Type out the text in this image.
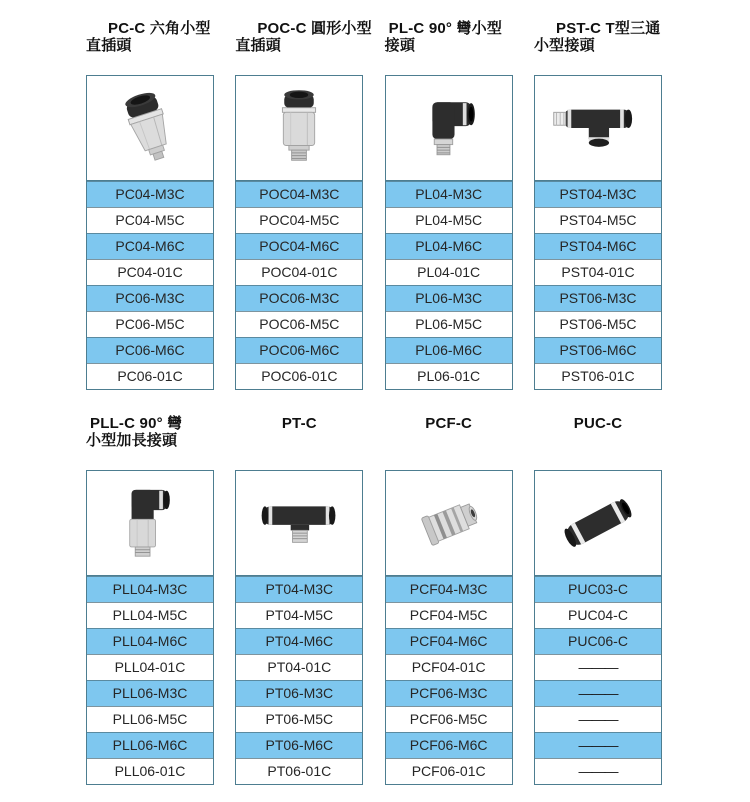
PC-C 六角小型
直插頭
PC04-M3C
PC04-M5C
PC04-M6C
PC04-01C
PC06-M3C
PC06-M5C
PC06-M6C
PC06-01C
POC-C 圓形小型
直插頭
POC04-M3C
POC04-M5C
POC04-M6C
POC04-01C
POC06-M3C
POC06-M5C
POC06-M6C
POC06-01C
PL-C 90° 彎小型
接頭
PL04-M3C
PL04-M5C
PL04-M6C
PL04-01C
PL06-M3C
PL06-M5C
PL06-M6C
PL06-01C
PST-C T型三通
小型接頭
PST04-M3C
PST04-M5C
PST04-M6C
PST04-01C
PST06-M3C
PST06-M5C
PST06-M6C
PST06-01C
PLL-C 90° 彎
小型加長接頭
PLL04-M3C
PLL04-M5C
PLL04-M6C
PLL04-01C
PLL06-M3C
PLL06-M5C
PLL06-M6C
PLL06-01C
PT-C
PT04-M3C
PT04-M5C
PT04-M6C
PT04-01C
PT06-M3C
PT06-M5C
PT06-M6C
PT06-01C
PCF-C
PCF04-M3C
PCF04-M5C
PCF04-M6C
PCF04-01C
PCF06-M3C
PCF06-M5C
PCF06-M6C
PCF06-01C
PUC-C
PUC03-C
PUC04-C
PUC06-C
———
———
———
———
———
